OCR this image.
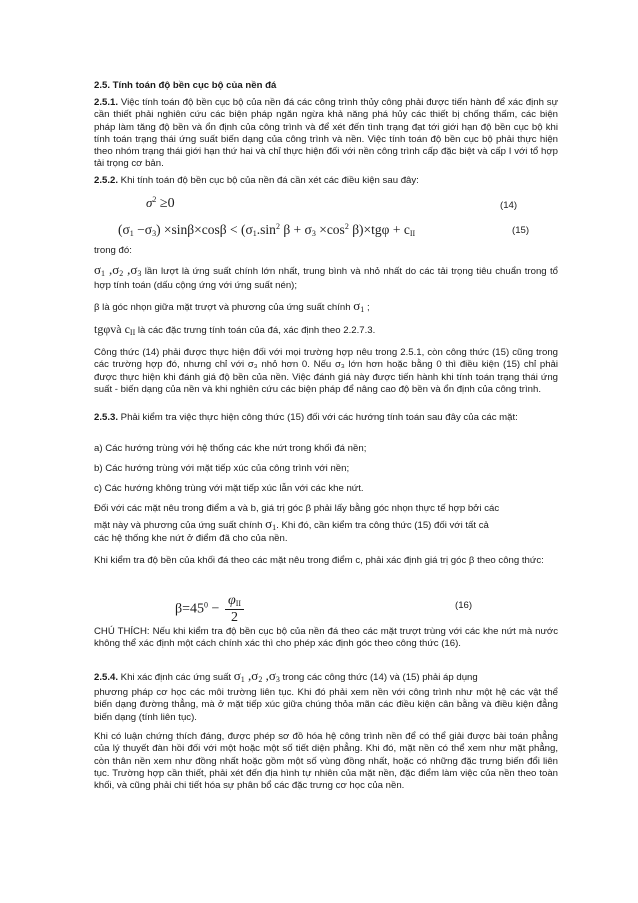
2.5. Tính toán độ bền cục bộ của nền đá

2.5.1. Việc tính toán độ bền cục bộ của nền đá các công trình thủy công phải được tiến hành để xác định sự cần thiết phải nghiên cứu các biện pháp ngăn ngừa khả năng phá hủy các thiết bị chống thấm, các biện pháp làm tăng độ bền và ổn định của công trình và để xét đến tình trạng đạt tới giới hạn độ bền cục bộ khi tính toán trạng thái ứng suất biến dạng của công trình và nền. Việc tính toán độ bền cục bộ phải thực hiện theo nhóm trạng thái giới hạn thứ hai và chỉ thực hiện đối với nền công trình cấp đặc biệt và cấp I với tổ hợp tải trọng cơ bản.

2.5.2. Khi tính toán độ bền cục bộ của nền đá cần xét các điều kiện sau đây:

$\sigma^2 \ge 0$	(14)
$(\sigma_1 -\sigma_3) \times\sin\beta\times\cos\beta < (\sigma_1.\sin^2$ $\beta + \sigma_3 \times\cos^2$ $\beta)\times tg\varphi + c_{II}$	(15)

trong đó:

$\sigma_1$ $,\sigma_2$ $,\sigma_3$ lần lượt là ứng suất chính lớn nhất, trung bình và nhỏ nhất do các tải trọng tiêu chuẩn trong tổ hợp tính toán (dấu cộng ứng với ứng suất nén);

β là góc nhọn giữa mặt trượt và phương của ứng suất chính $\sigma_1$ ;

tgφvà $c_{II}$ là các đặc trưng tính toán của đá, xác định theo 2.2.7.3.

Công thức (14) phải được thực hiện đối với mọi trường hợp nêu trong 2.5.1, còn công thức (15) cũng trong các trường hợp đó, nhưng chỉ với σ₃ nhỏ hơn 0. Nếu σ₃ lớn hơn hoặc bằng 0 thì điều kiện (15) chỉ phải được thực hiện khi đánh giá độ bền của nền. Việc đánh giá này được tiến hành khi tính toán trạng thái ứng suất - biến dạng của nền và khi nghiên cứu các biện pháp để nâng cao độ bền và ổn định của công trình.

2.5.3. Phải kiểm tra việc thực hiện công thức (15) đối với các hướng tính toán sau đây của các mặt:

a) Các hướng trùng với hệ thống các khe nứt trong khối đá nền;

b) Các hướng trùng với mặt tiếp xúc của công trình với nền;

c) Các hướng không trùng với mặt tiếp xúc lẫn với các khe nứt.

Đối với các mặt nêu trong điểm a và b, giá trị góc β phải lấy bằng góc nhọn thực tế hợp bởi các

mặt này và phương của ứng suất chính $\sigma_1$. Khi đó, cần kiểm tra công thức (15) đối với tất cả

các hệ thống khe nứt ở điểm đã cho của nền.

Khi kiểm tra độ bền của khối đá theo các mặt nêu trong điểm c, phải xác định giá trị góc β theo công thức:

$\beta=45^0$ −
$\varphi_{II}$
2
(16)

CHÚ THÍCH: Nếu khi kiểm tra độ bền cục bộ của nền đá theo các mặt trượt trùng với các khe nứt mà nước không thể xác định một cách chính xác thì cho phép xác định góc theo công thức (16).

2.5.4. Khi xác định các ứng suất $\sigma_1$ $,\sigma_2$ $,\sigma_3$ trong các công thức (14) và (15) phải áp dụng

phương pháp cơ học các môi trường liên tục. Khi đó phải xem nền với công trình như một hệ các vật thể biến dạng đường thẳng, mà ở mặt tiếp xúc giữa chúng thỏa mãn các điều kiện cân bằng và điều kiện đẳng biến dạng (tính liên tục).

Khi có luận chứng thích đáng, được phép sơ đồ hóa hệ công trình nền để có thể giải được bài toán phẳng của lý thuyết đàn hồi đối với một hoặc một số tiết diện phẳng. Khi đó, mặt nền có thể xem như mặt phẳng, còn thân nền xem như đồng nhất hoặc gồm một số vùng đồng nhất, hoặc có những đặc trưng biến đổi liên tục. Trường hợp cần thiết, phải xét đến địa hình tự nhiên của mặt nền, đặc điểm làm việc của nền theo toàn khối, và cũng phải chi tiết hóa sự phân bổ các đặc trưng cơ học của nền.
